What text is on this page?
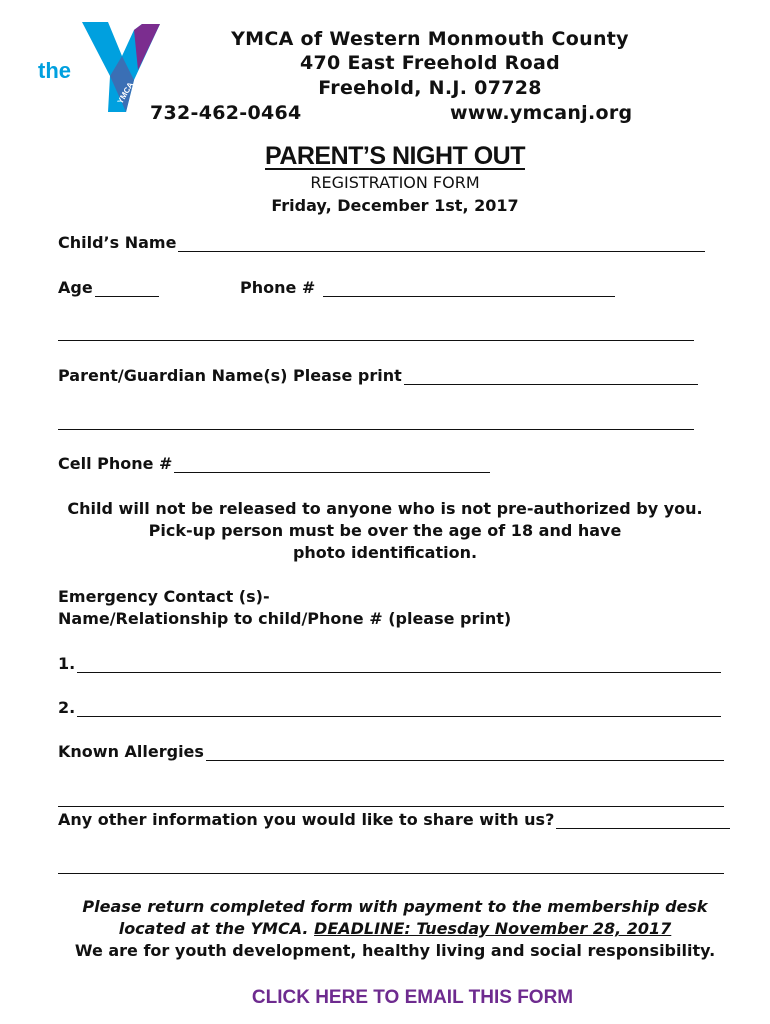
the
YMCA
YMCA of Western Monmouth County
470 East Freehold Road
Freehold, N.J. 07728
732-462-0464	www.ymcanj.org
PARENT’S NIGHT OUT
REGISTRATION FORM
Friday, December 1st, 2017
Child’s Name
Age	Phone #
Parent/Guardian Name(s) Please print
Cell Phone #
Child will not be released to anyone who is not pre-authorized by you.
Pick-up person must be over the age of 18 and have
photo identification.
Emergency Contact (s)-
Name/Relationship to child/Phone # (please print)
1.
2.
Known Allergies
Any other information you would like to share with us?
Please return completed form with payment to the membership desk
located at the YMCA. DEADLINE: Tuesday November 28, 2017
We are for youth development, healthy living and social responsibility.
CLICK HERE TO EMAIL THIS FORM
